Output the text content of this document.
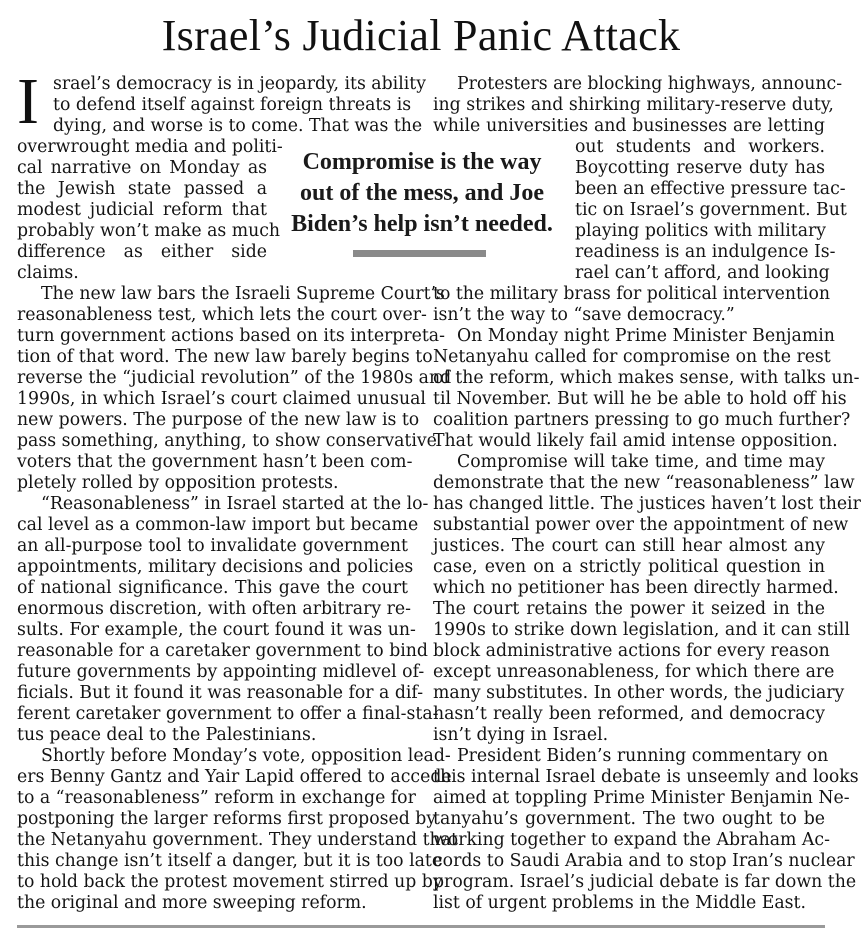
Israel’s Judicial Panic Attack
I srael’s democracy is in jeopardy, its ability
to defend itself against foreign threats is
dying, and worse is to come. That was the
overwrought media and politi-
cal narrative on Monday as
the Jewish state passed a
modest judicial reform that
probably won’t make as much
difference as either side
claims.
The new law bars the Israeli Supreme Court’s
reasonableness test, which lets the court over-
turn government actions based on its interpreta-
tion of that word. The new law barely begins to
reverse the “judicial revolution” of the 1980s and
1990s, in which Israel’s court claimed unusual
new powers. The purpose of the new law is to
pass something, anything, to show conservative
voters that the government hasn’t been com-
pletely rolled by opposition protests.
“Reasonableness” in Israel started at the lo-
cal level as a common-law import but became
an all-purpose tool to invalidate government
appointments, military decisions and policies
of national significance. This gave the court
enormous discretion, with often arbitrary re-
sults. For example, the court found it was un-
reasonable for a caretaker government to bind
future governments by appointing midlevel of-
ficials. But it found it was reasonable for a dif-
ferent caretaker government to offer a final-sta-
tus peace deal to the Palestinians.
Shortly before Monday’s vote, opposition lead-
ers Benny Gantz and Yair Lapid offered to accede
to a “reasonableness” reform in exchange for
postponing the larger reforms first proposed by
the Netanyahu government. They understand that
this change isn’t itself a danger, but it is too late
to hold back the protest movement stirred up by
the original and more sweeping reform.
Protesters are blocking highways, announc-
ing strikes and shirking military-reserve duty,
while universities and businesses are letting
out students and workers.
Boycotting reserve duty has
been an effective pressure tac-
tic on Israel’s government. But
playing politics with military
readiness is an indulgence Is-
rael can’t afford, and looking
to the military brass for political intervention
isn’t the way to “save democracy.”
On Monday night Prime Minister Benjamin
Netanyahu called for compromise on the rest
of the reform, which makes sense, with talks un-
til November. But will he be able to hold off his
coalition partners pressing to go much further?
That would likely fail amid intense opposition.
Compromise will take time, and time may
demonstrate that the new “reasonableness” law
has changed little. The justices haven’t lost their
substantial power over the appointment of new
justices. The court can still hear almost any
case, even on a strictly political question in
which no petitioner has been directly harmed.
The court retains the power it seized in the
1990s to strike down legislation, and it can still
block administrative actions for every reason
except unreasonableness, for which there are
many substitutes. In other words, the judiciary
hasn’t really been reformed, and democracy
isn’t dying in Israel.
President Biden’s running commentary on
this internal Israel debate is unseemly and looks
aimed at toppling Prime Minister Benjamin Ne-
tanyahu’s government. The two ought to be
working together to expand the Abraham Ac-
cords to Saudi Arabia and to stop Iran’s nuclear
program. Israel’s judicial debate is far down the
list of urgent problems in the Middle East.

Compromise is the way out of the mess, and Joe Biden’s help isn’t needed.
